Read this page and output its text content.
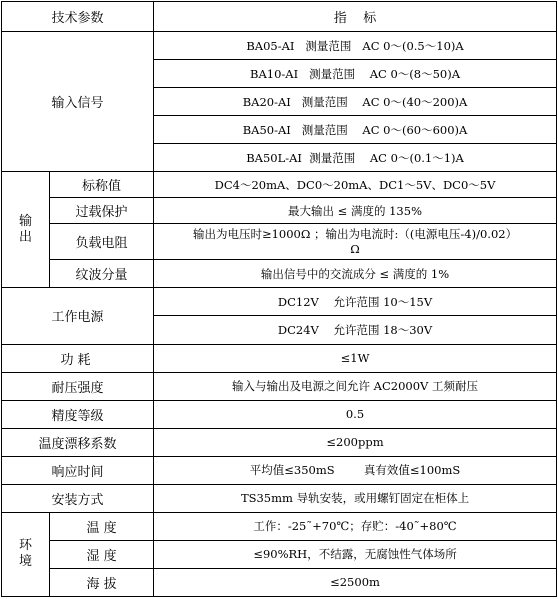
技术参数		指    标
输入信号		BA05-AI   测量范围   AC 0～(0.5～10)A
		BA10-AI   测量范围    AC 0～(8～50)A
		BA20-AI   测量范围    AC 0～(40～200)A
		BA50-AI   测量范围    AC 0～(60～600)A
		BA50L-AI  测量范围    AC 0～(0.1～1)A

输
出	标称值	DC4～20mA、DC0～20mA、DC1～5V、DC0～5V
	过载保护	最大输出 ≤ 满度的 135%
	负载电阻	输出为电压时≥1000Ω ；输出为电流时:（(电源电压-4)/0.02）
Ω

	纹波分量	输出信号中的交流成分 ≤ 满度的 1%
工作电源		DC12V    允许范围 10～15V
		DC24V    允许范围 18～30V
功耗		≤1W
耐压强度		输入与输出及电源之间允许 AC2000V 工频耐压
精度等级		0.5
温度漂移系数		≤200ppm
响应时间		平均值≤350mS        真有效值≤100mS
安装方式		TS35mm 导轨安装，或用螺钉固定在柜体上

环
境	温 度	工作：-25˜+70℃；存贮：-40˜+80℃
	湿 度	≤90%RH，不结露，无腐蚀性气体场所
	海 拔	≤2500m
